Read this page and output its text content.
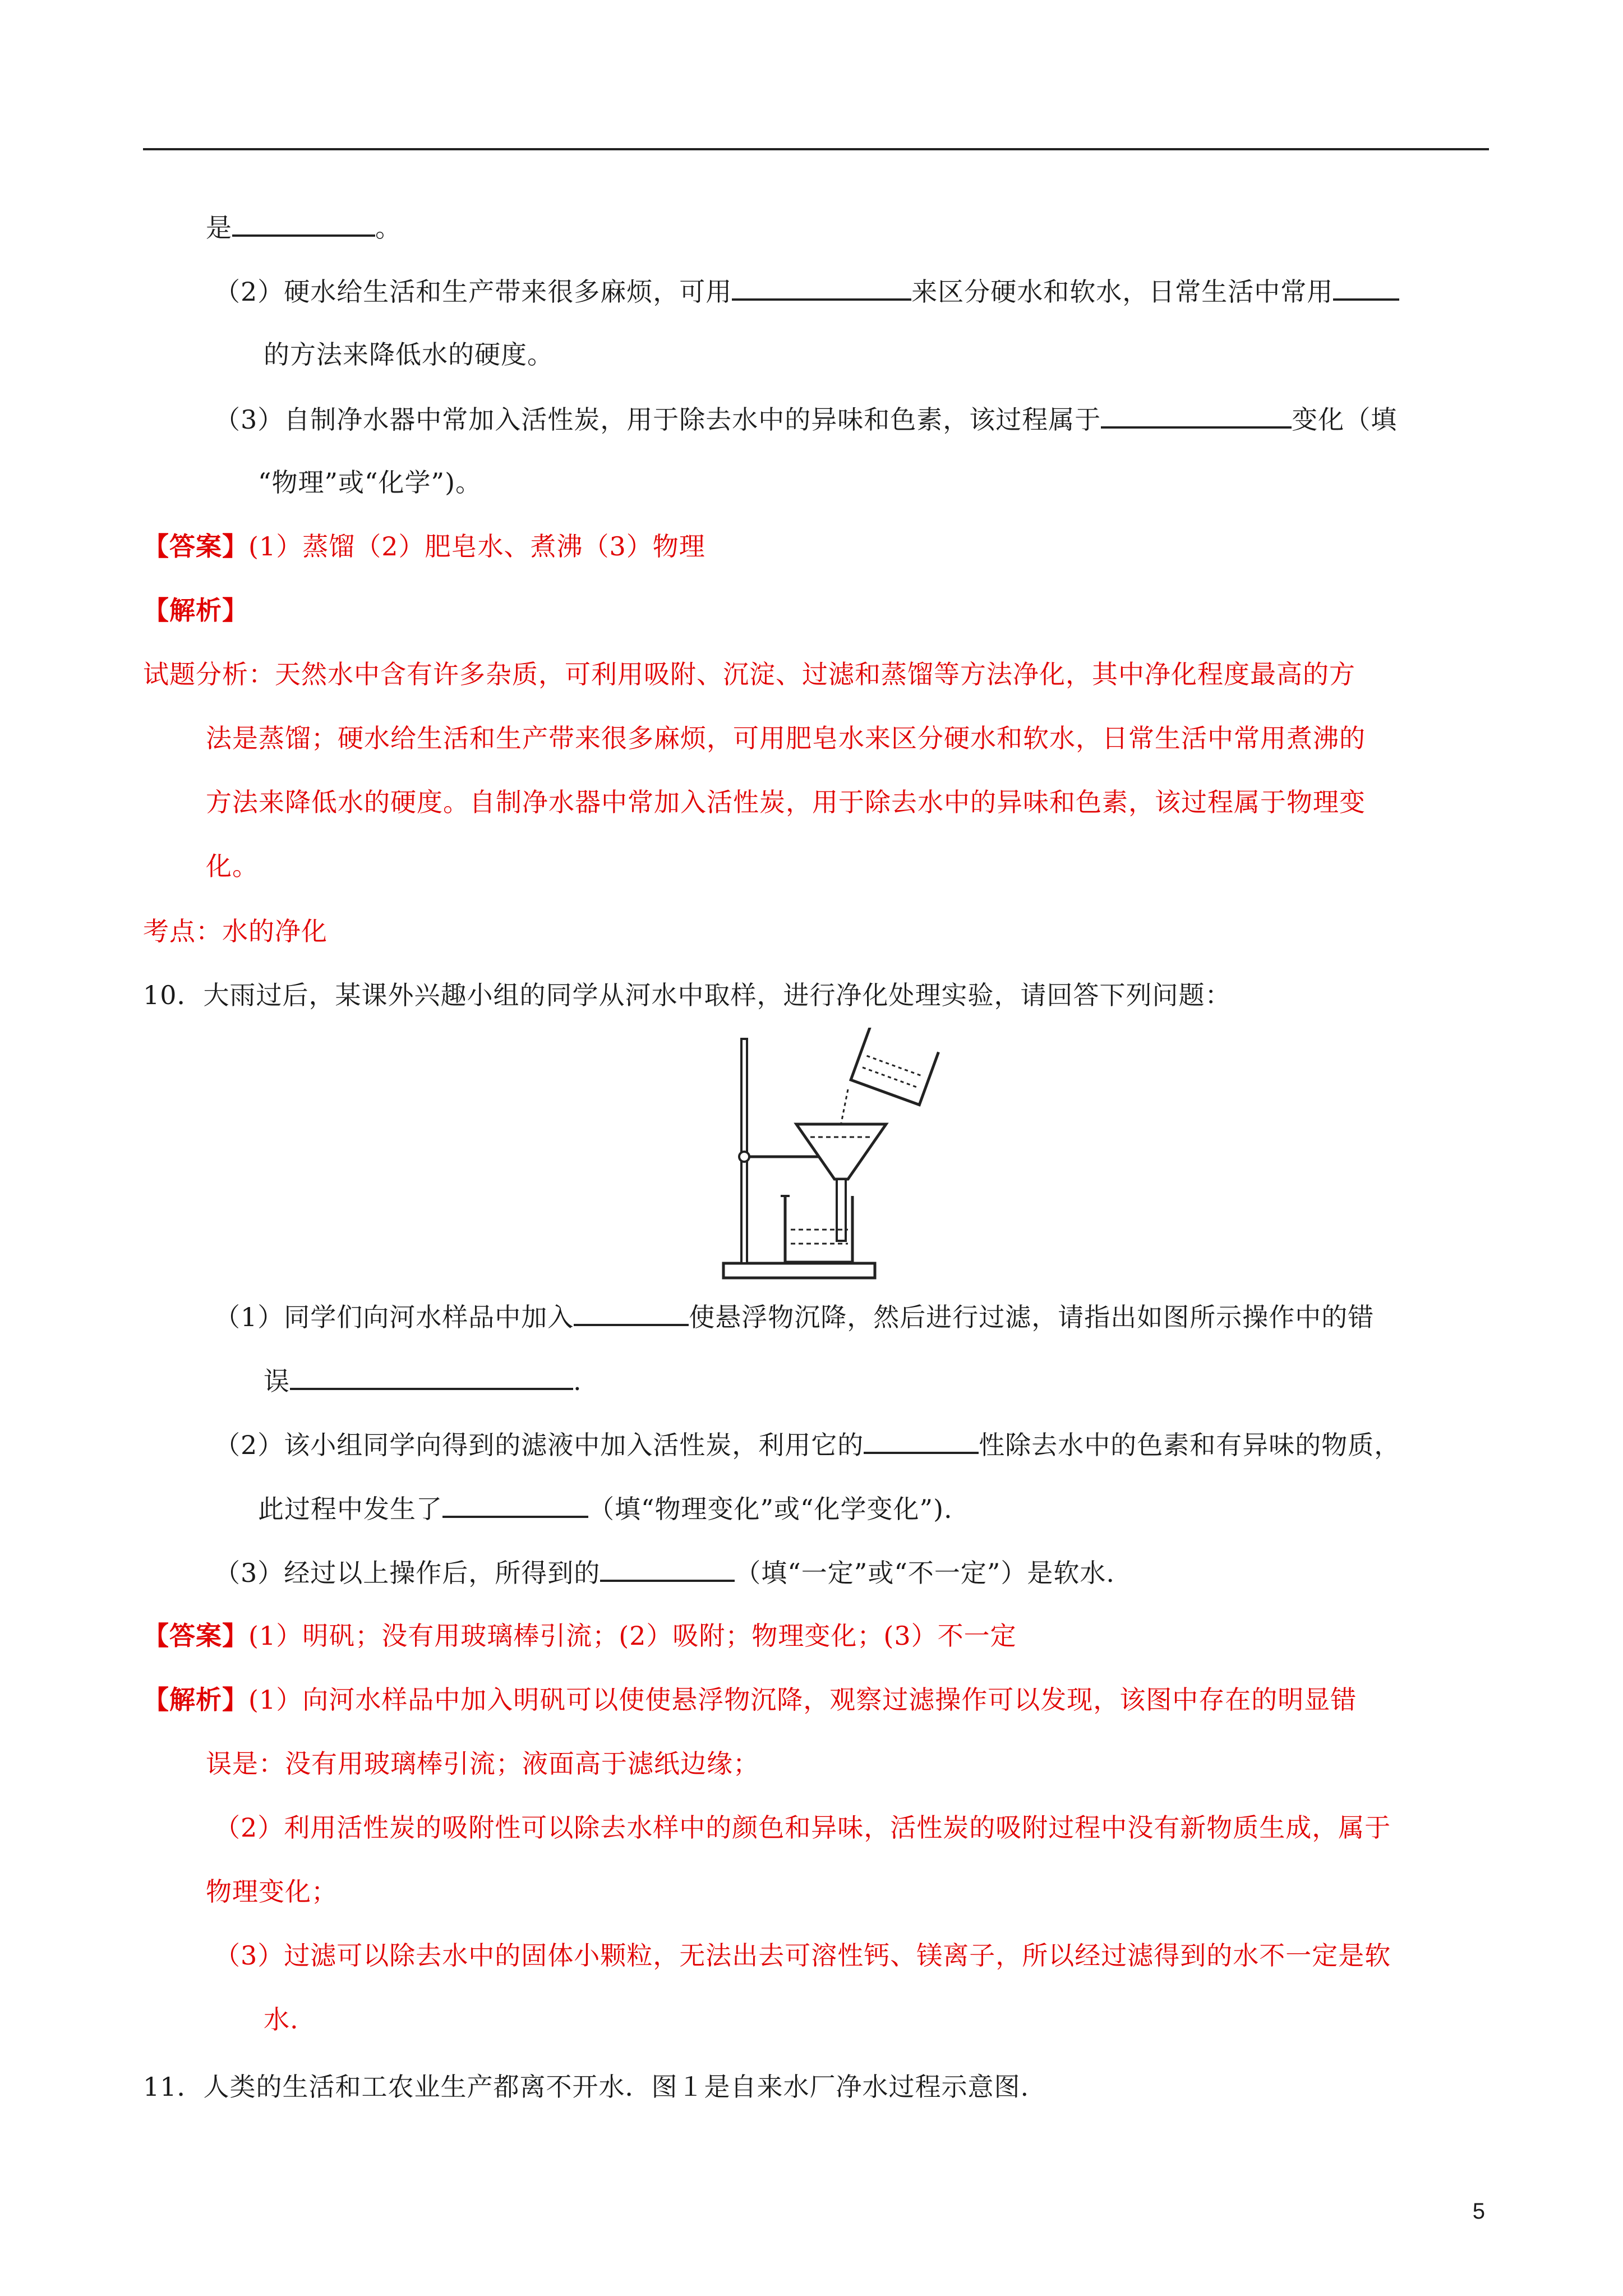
是	。
（2）硬水给生活和生产带来很多麻烦，可用	来区分硬水和软水，日常生活中常用
的方法来降低水的硬度。
（3）自制净水器中常加入活性炭，用于除去水中的异味和色素，该过程属于	变化（填
“物理”或“化学”)。
【答案】(1）蒸馏（2）肥皂水、煮沸（3）物理
【解析】
试题分析：天然水中含有许多杂质，可利用吸附、沉淀、过滤和蒸馏等方法净化，其中净化程度最高的方
法是蒸馏；硬水给生活和生产带来很多麻烦，可用肥皂水来区分硬水和软水，日常生活中常用煮沸的
方法来降低水的硬度。自制净水器中常加入活性炭，用于除去水中的异味和色素，该过程属于物理变
化。
考点：水的净化
10．大雨过后，某课外兴趣小组的同学从河水中取样，进行净化处理实验，请回答下列问题：
（1）同学们向河水样品中加入	使悬浮物沉降，然后进行过滤，请指出如图所示操作中的错
误	.
（2）该小组同学向得到的滤液中加入活性炭，利用它的	性除去水中的色素和有异味的物质，
此过程中发生了	（填“物理变化”或“化学变化”).
（3）经过以上操作后，所得到的	（填“一定”或“不一定”）是软水.
【答案】(1）明矾；没有用玻璃棒引流；(2）吸附；物理变化；(3）不一定
【解析】(1）向河水样品中加入明矾可以使使悬浮物沉降，观察过滤操作可以发现，该图中存在的明显错
误是：没有用玻璃棒引流；液面高于滤纸边缘；
（2）利用活性炭的吸附性可以除去水样中的颜色和异味，活性炭的吸附过程中没有新物质生成，属于
物理变化；
（3）过滤可以除去水中的固体小颗粒，无法出去可溶性钙、镁离子，所以经过滤得到的水不一定是软
水.
11．人类的生活和工农业生产都离不开水．图１是自来水厂净水过程示意图.
5
